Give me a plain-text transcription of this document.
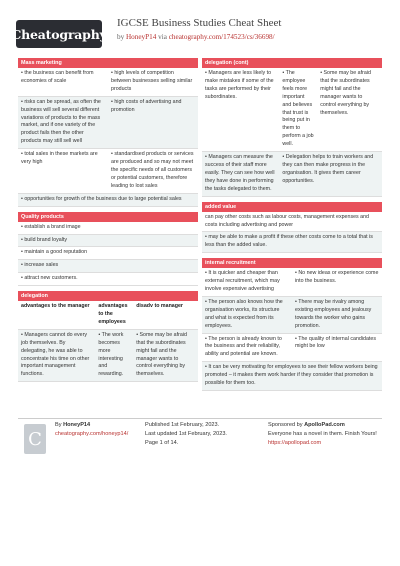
Cheatography
IGCSE Business Studies Cheat Sheet
by HoneyP14 via cheatography.com/174523/cs/36698/
Mass marketing
• the business can benefit from economies of scale
• high levels of competition between businesses selling similar products
• risks can be spread, as often the business will sell several different variations of products to the mass market, and if one variety of the product fails then the other products may still sell well
• high costs of advertising and promotion
• total sales in these markets are very high
• standardised products or services are produced and so may not meet the specific needs of all customers or potential customers, therefore leading to lost sales
• opportunities for growth of the business due to large potential sales
Quality products
• establish a brand image
• build brand loyalty
• maintain a good reputation
• increase sales
• attract new customers.
delegation
advantages to the manager	advantages to the employees
disadv to manager
• Managers cannot do every job themselves. By delegating, he was able to concentrate his time on other important management functions.
• The work becomes more interesting and rewarding.
• Some may be afraid that the subordinates might fail and the manager wants to control everything by themselves.
delegation (cont)
• Managers are less likely to make mistakes if some of the tasks are performed by their subordinates.
• The employee feels more important and believes that trust is being put in them to perform a job well.
• Some may be afraid that the subordinates might fail and the manager wants to control everything by themselves.
• Managers can measure the success of their staff more easily. They can see how well they have done in performing the tasks delegated to them.
• Delegation helps to train workers and they can then make progress in the organisation. It gives them career opportunities.
added value
can pay other costs such as labour costs, management expenses and costs including advertising and power
• may be able to make a profit if these other costs come to a total that is less than the added value.
internal recruitment
• It is quicker and cheaper than external recruitment, which may involve expensive advertising
• No new ideas or experience come into the business.
• The person also knows how the organisation works, its structure and what is expected from its employees.
• There may be rivalry among existing employees and jealousy towards the worker who gains promotion.
• The person is already known to the business and their reliability, ability and potential are known.
• The quality of internal candidates might be low
• It can be very motivating for employees to see their fellow workers being promoted – it makes them work harder if they consider that promotion is possible for them too.
C
By HoneyP14
cheatography.com/honeyp14/
Published 1st February, 2023.
Last updated 1st February, 2023.
Page 1 of 14.
Sponsored by ApolloPad.com
Everyone has a novel in them. Finish Yours!
https://apollopad.com
